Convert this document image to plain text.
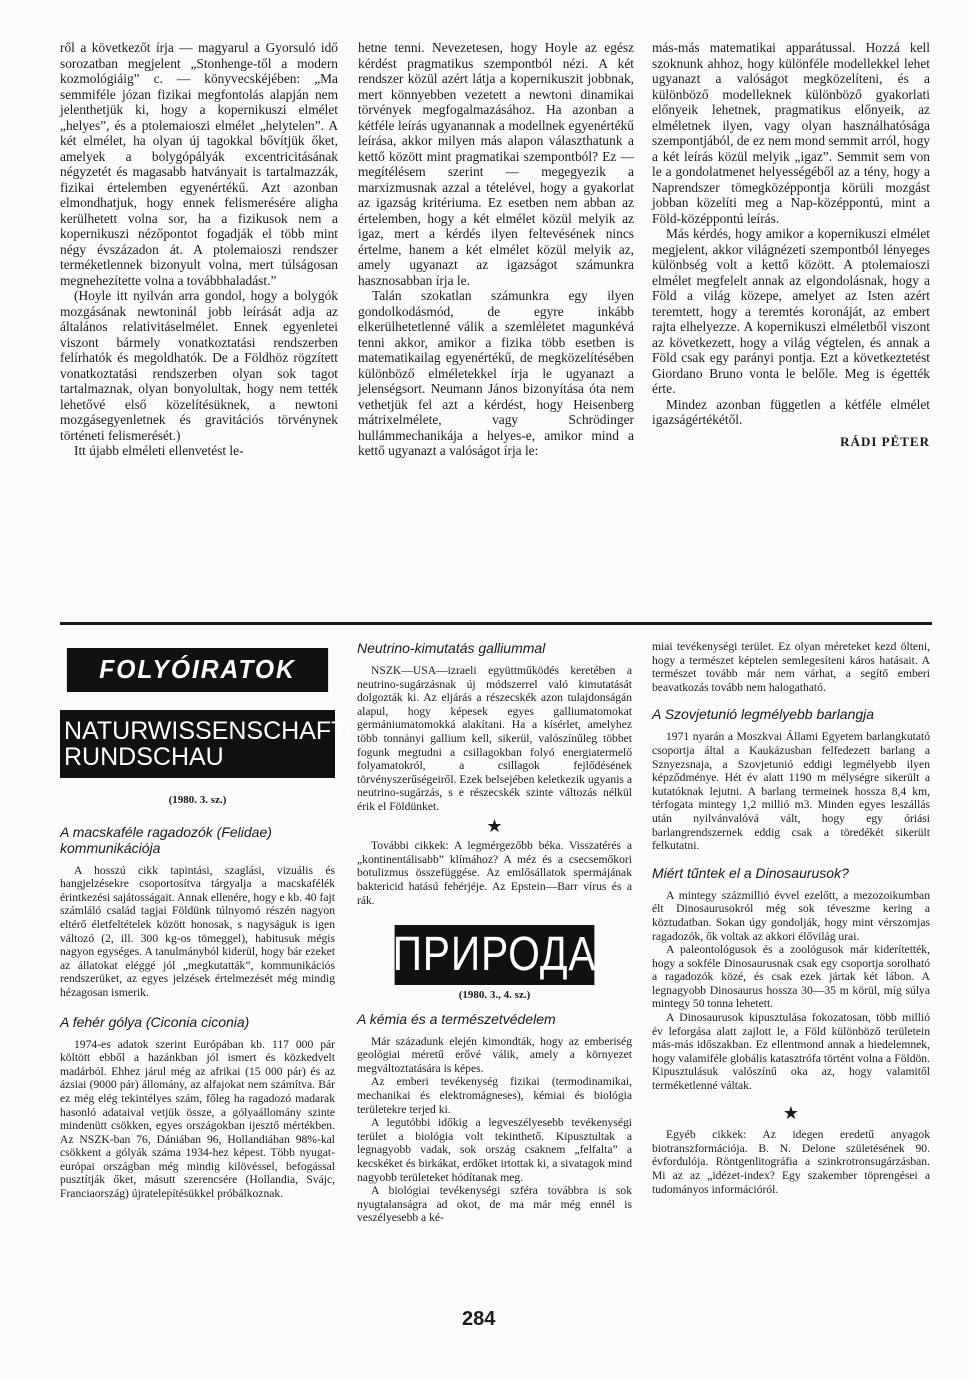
ről a következőt írja — magyarul a Gyorsuló idő sorozatban megjelent „Stonhenge-től a modern kozmológiáig” c. — könyvecskéjében: „Ma semmiféle józan fizikai megfontolás alapján nem jelenthetjük ki, hogy a kopernikuszi elmélet „helyes”, és a ptolemaioszi elmélet „helytelen”. A két elmélet, ha olyan új tagokkal bővítjük őket, amelyek a bolygópályák excentricitásának négyzetét és magasabb hatványait is tartalmazzák, fizikai értelemben egyenértékű. Azt azonban elmondhatjuk, hogy ennek felismerésére aligha kerülhetett volna sor, ha a fizikusok nem a kopernikuszi nézőpontot fogadják el több mint négy évszázadon át. A ptolemaioszi rendszer terméketlennek bizonyult volna, mert túlságosan megnehezítette volna a továbbhaladást.”

(Hoyle itt nyilván arra gondol, hogy a bolygók mozgásának newtoninál jobb leírását adja az általános relativitáselmélet. Ennek egyenletei viszont bármely vonatkoztatási rendszerben felírhatók és megoldhatók. De a Földhöz rögzített vonatkoztatási rendszerben olyan sok tagot tartalmaznak, olyan bonyolultak, hogy nem tették lehetővé első közelítésüknek, a newtoni mozgásegyenletnek és gravitációs törvénynek történeti felismerését.)

Itt újabb elméleti ellenvetést le-

hetne tenni. Nevezetesen, hogy Hoyle az egész kérdést pragmatikus szempontból nézi. A két rendszer közül azért látja a kopernikuszit jobbnak, mert könnyebben vezetett a newtoni dinamikai törvények megfogalmazásához. Ha azonban a kétféle leírás ugyanannak a modellnek egyenértékű leírása, akkor milyen más alapon választhatunk a kettő között mint pragmatikai szempontból? Ez — megítélésem szerint — megegyezik a marxizmusnak azzal a tételével, hogy a gyakorlat az igazság kritériuma. Ez esetben nem abban az értelemben, hogy a két elmélet közül melyik az igaz, mert a kérdés ilyen feltevésének nincs értelme, hanem a két elmélet közül melyik az, amely ugyanazt az igazságot számunkra hasznosabban írja le.

Talán szokatlan számunkra egy ilyen gondolkodásmód, de egyre inkább elkerülhetetlenné válik a szemléletet magunkévá tenni akkor, amikor a fizika több esetben is matematikailag egyenértékű, de megközelítésében különböző elméletekkel írja le ugyanazt a jelenségsort. Neumann János bizonyítása óta nem vethetjük fel azt a kérdést, hogy Heisenberg mátrixelmélete, vagy Schrödinger hullámmechanikája a helyes-e, amikor mind a kettő ugyanazt a valóságot írja le:

más-más matematikai apparátussal. Hozzá kell szoknunk ahhoz, hogy különféle modellekkel lehet ugyanazt a valóságot megközelíteni, és a különböző modelleknek különböző gyakorlati előnyeik lehetnek, pragmatikus előnyeik, az elméletnek ilyen, vagy olyan használhatósága szempontjából, de ez nem mond semmit arról, hogy a két leírás közül melyik „igaz”. Semmit sem von le a gondolatmenet helyességéből az a tény, hogy a Naprendszer tömegközéppontja körüli mozgást jobban közelíti meg a Nap-középpontú, mint a Föld-középpontú leírás.

Más kérdés, hogy amikor a kopernikuszi elmélet megjelent, akkor világnézeti szempontból lényeges különbség volt a kettő között. A ptolemaioszi elmélet megfelelt annak az elgondolásnak, hogy a Föld a világ közepe, amelyet az Isten azért teremtett, hogy a teremtés koronáját, az embert rajta elhelyezze. A kopernikuszi elméletből viszont az következett, hogy a világ végtelen, és annak a Föld csak egy parányi pontja. Ezt a következtetést Giordano Bruno vonta le belőle. Meg is égették érte.

Mindez azonban független a kétféle elmélet igazságértékétől.

RÁDI PÉTER
FOLYÓIRATOK
NATURWISSENSCHAFTLICHE
RUNDSCHAU
(1980. 3. sz.)
A macskaféle ragadozók (Felidae) kommunikációja

A hosszú cikk tapintási, szaglási, vizuális és hangjelzésekre csoportosítva tárgyalja a macskafélék érintkezési sajátosságait. Annak ellenére, hogy e kb. 40 fajt számláló család tagjai Földünk túlnyomó részén nagyon eltérő életfeltételek között honosak, s nagyságuk is igen változó (2, ill. 300 kg-os tömeggel), habitusuk mégis nagyon egységes. A tanulmányból kiderül, hogy bár ezeket az állatokat eléggé jól „megkutatták”, kommunikációs rendszerüket, az egyes jelzések értelmezését még mindig hézagosan ismerik.

A fehér gólya (Ciconia ciconia)

1974-es adatok szerint Európában kb. 117 000 pár költött ebből a hazánkban jól ismert és közkedvelt madárból. Ehhez járul még az afrikai (15 000 pár) és az ázsiai (9000 pár) állomány, az alfajokat nem számítva. Bár ez még elég tekintélyes szám, főleg ha ragadozó madarak hasonló adataival vetjük össze, a gólyaállomány szinte mindenütt csökken, egyes országokban ijesztő mértékben. Az NSZK-ban 76, Dániában 96, Hollandiában 98%-kal csökkent a gólyák száma 1934-hez képest. Több nyugat-európai országban még mindig kilövéssel, befogással pusztítják őket, másutt szerencsére (Hollandia, Svájc, Franciaország) újratelepítésükkel próbálkoznak.

Neutrino-kimutatás galliummal

NSZK—USA—izraeli együttműködés keretében a neutrino-sugárzásnak új módszerrel való kimutatását dolgozták ki. Az eljárás a részecskék azon tulajdonságán alapul, hogy képesek egyes galliumatomokat germániumatomokká alakítani. Ha a kísérlet, amelyhez több tonnányi gallium kell, sikerül, valószínűleg többet fogunk megtudni a csillagokban folyó energiatermelő folyamatokról, a csillagok fejlődésének törvényszerűségeiről. Ezek belsejében keletkezik ugyanis a neutrino-sugárzás, s e részecskék szinte változás nélkül érik el Földünket.

★

További cikkek: A legmérgezőbb béka. Visszatérés a „kontinentálisabb” klímához? A méz és a csecsemőkori botulizmus összefüggése. Az emlősállatok spermájának baktericid hatású fehérjéje. Az Epstein—Barr vírus és a rák.

ПРИРОДА
(1980. 3., 4. sz.)
A kémia és a természetvédelem

Már századunk elején kimondták, hogy az emberiség geológiai méretű erővé válik, amely a környezet megváltoztatására is képes.

Az emberi tevékenység fizikai (termodinamikai, mechanikai és elektromágneses), kémiai és biológia területekre terjed ki.

A legutóbbi időkig a legveszélyesebb tevékenységi terület a biológia volt tekinthető. Kipusztultak a legnagyobb vadak, sok ország csaknem „felfalta” a kecskéket és birkákat, erdőket irtottak ki, a sivatagok mind nagyobb területeket hódítanak meg.

A biológiai tevékenységi szféra továbbra is sok nyugtalanságra ad okot, de ma már még ennél is veszélyesebb a ké-

miai tevékenységi terület. Ez olyan méreteket kezd ölteni, hogy a természet képtelen semlegesíteni káros hatásait. A természet tovább már nem várhat, a segítő emberi beavatkozás tovább nem halogatható.

A Szovjetunió legmélyebb barlangja

1971 nyarán a Moszkvai Állami Egyetem barlangkutató csoportja által a Kaukázusban felfedezett barlang a Sznyezsnaja, a Szovjetunió eddigi legmélyebb ilyen képződménye. Hét év alatt 1190 m mélységre sikerült a kutatóknak lejutni. A barlang termeinek hossza 8,4 km, térfogata mintegy 1,2 millió m3. Minden egyes leszállás után nyilvánvalóvá vált, hogy egy óriási barlangrendszernek eddig csak a töredékét sikerült felkutatni.

Miért tűntek el a Dinosaurusok?

A mintegy százmillió évvel ezelőtt, a mezozoikumban élt Dinosaurusokról még sok téveszme kering a köztudatban. Sokan úgy gondolják, hogy mint vérszomjas ragadozók, ők voltak az akkori élővilág urai.

A paleontológusok és a zoológusok már kiderítették, hogy a sokféle Dinosaurusnak csak egy csoportja sorolható a ragadozók közé, és csak ezek jártak két lábon. A legnagyobb Dinosaurus hossza 30—35 m körül, míg súlya mintegy 50 tonna lehetett.

A Dinosaurusok kipusztulása fokozatosan, több millió év leforgása alatt zajlott le, a Föld különböző területein más-más időszakban. Ez ellentmond annak a hiedelemnek, hogy valamiféle globális katasztrófa történt volna a Földön. Kipusztulásuk valószínű oka az, hogy valamitől terméketlenné váltak.

★

Egyéb cikkek: Az idegen eredetű anyagok biotranszformációja. B. N. Delone születésének 90. évfordulója. Röntgenlitográfia a szinkrotronsugárzásban. Mi az az „idézet-index? Egy szakember töprengései a tudományos információról.

284
